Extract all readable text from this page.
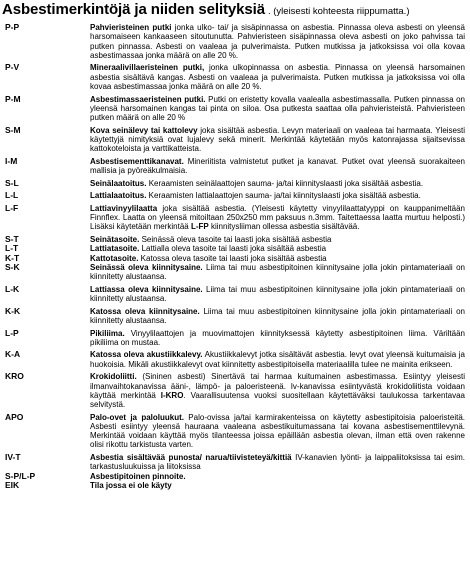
Asbestimerkintöjä ja niiden selityksiä . (yleisesti kohteesta riippumatta.)
P-P	Pahvieristeinen putki jonka ulko- tai/ ja sisäpinnassa on asbestia. Pinnassa oleva asbesti on yleensä harsomaiseen kankaaseen sitoutunutta. Pahvieristeen sisäpinnassa oleva asbesti on joko pahvissa tai putken pinnassa. Asbesti on vaaleaa ja pulverimaista. Putken mutkissa ja jatkoksissa voi olla kovaa asbestimassaa jonka määrä on alle 20 %.
P-V	Mineraalivillaeristeinen putki, jonka ulkopinnassa on asbestia. Pinnassa on yleensä harsomainen asbestia sisältävä kangas. Asbesti on vaaleaa ja pulverimaista. Putken mutkissa ja jatkoksissa voi olla kovaa asbestimassaa jonka määrä on alle 20 %.
P-M	Asbestimassaeristeinen putki. Putki on eristetty kovalla vaalealla asbestimassalla. Putken pinnassa on yleensä harsomainen kangas tai pinta on siloa. Osa putkesta saattaa olla pahvieristeistä. Pahvieristeen putken määrä on alle 20 %
S-M	Kova seinälevy tai kattolevy joka sisältää asbestia. Levyn materiaali on vaaleaa tai harmaata. Yleisesti käytettyjä nimityksiä ovat lujalevy sekä minerit. Merkintää käytetään myös katonrajassa sijaitsevissa kattokoteloista ja varttikatteista.
I-M	Asbestisementtikanavat. Mineriitista valmistetut putket ja kanavat. Putket ovat yleensä suorakaiteen mallisia ja pyöreäkulmaisia.
S-L	Seinälaatoitus. Keraamisten seinälaattojen sauma- ja/tai kiinnityslaasti joka sisältää asbestia.
L-L	Lattialaatoitus. Keraamisten lattialaattojen sauma- ja/tai kiinnityslaasti joka sisältää asbestia.
L-F	Lattiavinyylilaatta joka sisältää asbestia. (Yleisesti käytetty vinyylilaattatyyppi on kauppanimeltään Finnflex. Laatta on yleensä mitoiltaan 250x250 mm paksuus n.3mm. Taitettaessa laatta murtuu helposti.) Lisäksi käytetään merkintää L-FP kiinnitysliiman ollessa asbestia sisältävää.
S-T	Seinätasoite. Seinässä oleva tasoite tai laasti joka sisältää asbestia
L-T	Lattiatasoite. Lattialla oleva tasoite tai laasti joka sisältää asbestia
K-T	Kattotasoite. Katossa oleva tasoite tai laasti joka sisältää asbestia
S-K	Seinässä oleva kiinnitysaine. Liima tai muu asbestipitoinen kiinnitysaine jolla jokin pintamateriaali on kiinnitetty alustaansa.
L-K	Lattiassa oleva kiinnitysaine. Liima tai muu asbestipitoinen kiinnitysaine jolla jokin pintamateriaali on kiinnitetty alustaansa.
K-K	Katossa oleva kiinnitysaine. Liima tai muu asbestipitoinen kiinnitysaine jolla jokin pintamateriaali on kiinnitetty alustaansa.
L-P	Pikiliima. Vinyylilaattojen ja muovimattojen kiinnityksessä käytetty asbestipitoinen liima. Väriltään pikiliima on mustaa.
K-A	Katossa oleva akustiikkalevy. Akustiikkalevyt jotka sisältävät asbestia. levyt ovat yleensä kuitumaisia ja huokoisia. Mikäli akustiikkalevyt ovat kiinnitetty asbestipitoisella materiaalilla tulee ne mainita erikseen.
KRO	Krokidoliitti. (Sininen asbesti) Sinertävä tai harmaa kuitumainen asbestimassa. Esiintyy yleisesti ilmanvaihtokanavissa ääni-, lämpö- ja paloeristeenä. Iv-kanavissa esiintyvästä krokidoliitista voidaan käyttää merkintää I-KRO. Vaarallisuutensa vuoksi suositellaan käytettäväksi taulukossa tarkentavaa selvitystä.
APO	Palo-ovet ja paloluukut. Palo-ovissa ja/tai karmirakenteissa on käytetty asbestipitoisia paloeristeitä. Asbesti esiintyy yleensä hauraana vaaleana asbestikuitumassana tai kovana asbestisementtilevynä. Merkintää voidaan käyttää myös tilanteessa joissa epäillään asbestia olevan, ilman että oven rakenne olisi rikottu tarkistusta varten.
IV-T	Asbestia sisältävää punosta/ narua/tiivisteteyä/kittiä IV-kanavien lyönti- ja laippaliitoksissa tai esim. tarkastusluukuissa ja liitoksissa
S-P/L-P	Asbestipitoinen pinnoite.
EIK	Tila jossa ei ole käyty
